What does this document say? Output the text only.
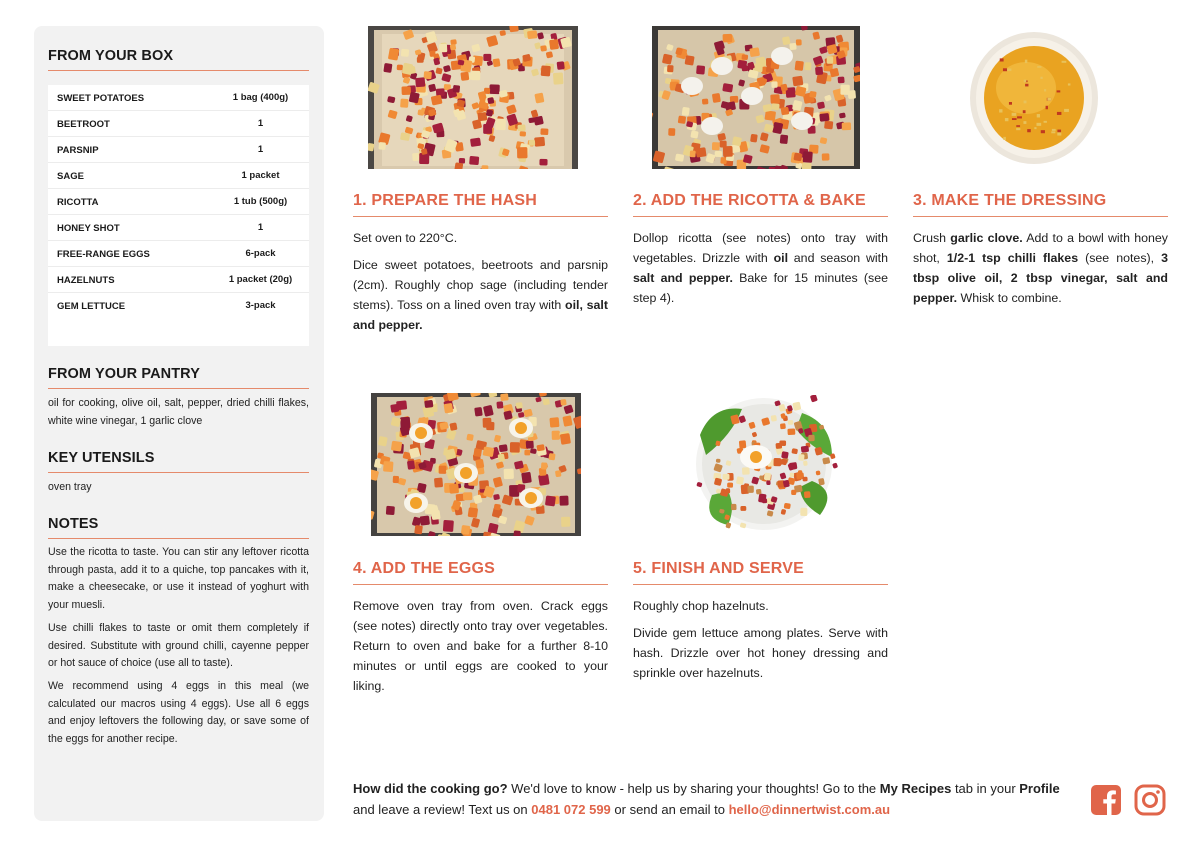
FROM YOUR BOX
SWEET POTATOES	1 bag (400g)
BEETROOT	1
PARSNIP	1
SAGE	1 packet
RICOTTA	1 tub (500g)
HONEY SHOT	1
FREE-RANGE EGGS	6-pack
HAZELNUTS	1 packet (20g)
GEM LETTUCE	3-pack
FROM YOUR PANTRY
oil for cooking, olive oil, salt, pepper, dried chilli flakes, white wine vinegar, 1 garlic clove
KEY UTENSILS
oven tray
NOTES
Use the ricotta to taste. You can stir any leftover ricotta through pasta, add it to a quiche, top pancakes with it, make a cheesecake, or use it instead of yoghurt with your muesli.
Use chilli flakes to taste or omit them completely if desired. Substitute with ground chilli, cayenne pepper or hot sauce of choice (use all to taste).
We recommend using 4 eggs in this meal (we calculated our macros using 4 eggs). Use all 6 eggs and enjoy leftovers the following day, or save some of the eggs for another recipe.
1. PREPARE THE HASH

Set oven to 220°C.

Dice sweet potatoes, beetroots and parsnip (2cm). Roughly chop sage (including tender stems). Toss on a lined oven tray with oil, salt and pepper.

2. ADD THE RICOTTA & BAKE

Dollop ricotta (see notes) onto tray with vegetables. Drizzle with oil and season with salt and pepper. Bake for 15 minutes (see step 4).

3. MAKE THE DRESSING

Crush garlic clove. Add to a bowl with honey shot, 1/2-1 tsp chilli flakes (see notes), 3 tbsp olive oil, 2 tbsp vinegar, salt and pepper. Whisk to combine.

4. ADD THE EGGS

Remove oven tray from oven. Crack eggs (see notes) directly onto tray over vegetables. Return to oven and bake for a further 8-10 minutes or until eggs are cooked to your liking.

5. FINISH AND SERVE

Roughly chop hazelnuts.

Divide gem lettuce among plates. Serve with hash. Drizzle over hot honey dressing and sprinkle over hazelnuts.

How did the cooking go? We'd love to know - help us by sharing your thoughts! Go to the My Recipes tab in your Profile and leave a review! Text us on 0481 072 599 or send an email to hello@dinnertwist.com.au
